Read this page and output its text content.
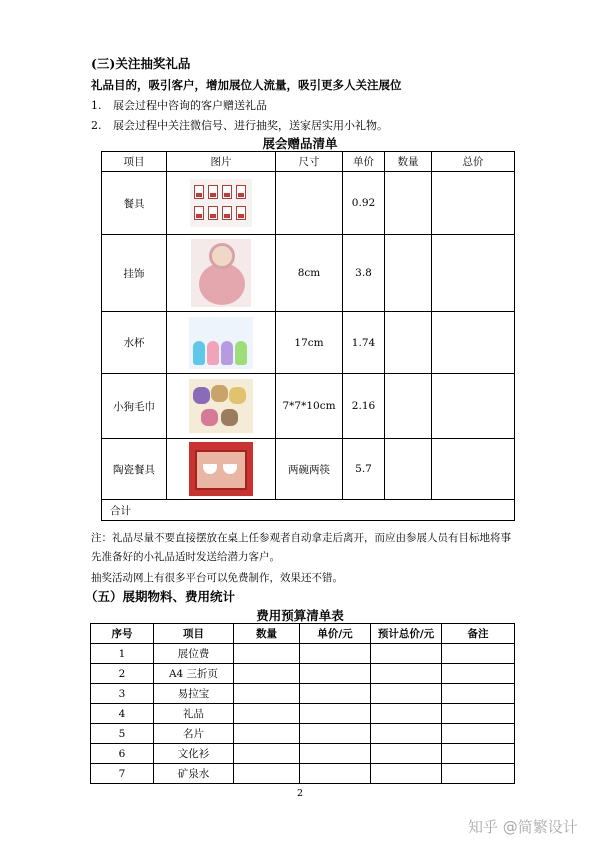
(三)关注抽奖礼品
礼品目的，吸引客户，增加展位人流量，吸引更多人关注展位
1. 展会过程中咨询的客户赠送礼品
2. 展会过程中关注微信号、进行抽奖，送家居实用小礼物。
展会赠品清单
项目	图片	尺寸	单价	数量	总价
餐具			0.92		
挂饰		8cm	3.8		
水杯		17cm	1.74		
小狗毛巾		7*7*10cm	2.16		
陶瓷餐具		两碗两筷	5.7		
合计					
注：礼品尽量不要直接摆放在桌上任参观者自动拿走后离开，而应由参展人员有目标地将事
先准备好的小礼品适时发送给潜力客户。
抽奖活动网上有很多平台可以免费制作，效果还不错。
（五）展期物料、费用统计
费用预算清单表
序号	项目	数量	单价/元	预计总价/元	备注
1	展位费				
2	A4 三折页				
3	易拉宝				
4	礼品				
5	名片				
6	文化衫				
7	矿泉水				
2
知乎 @简繁设计
